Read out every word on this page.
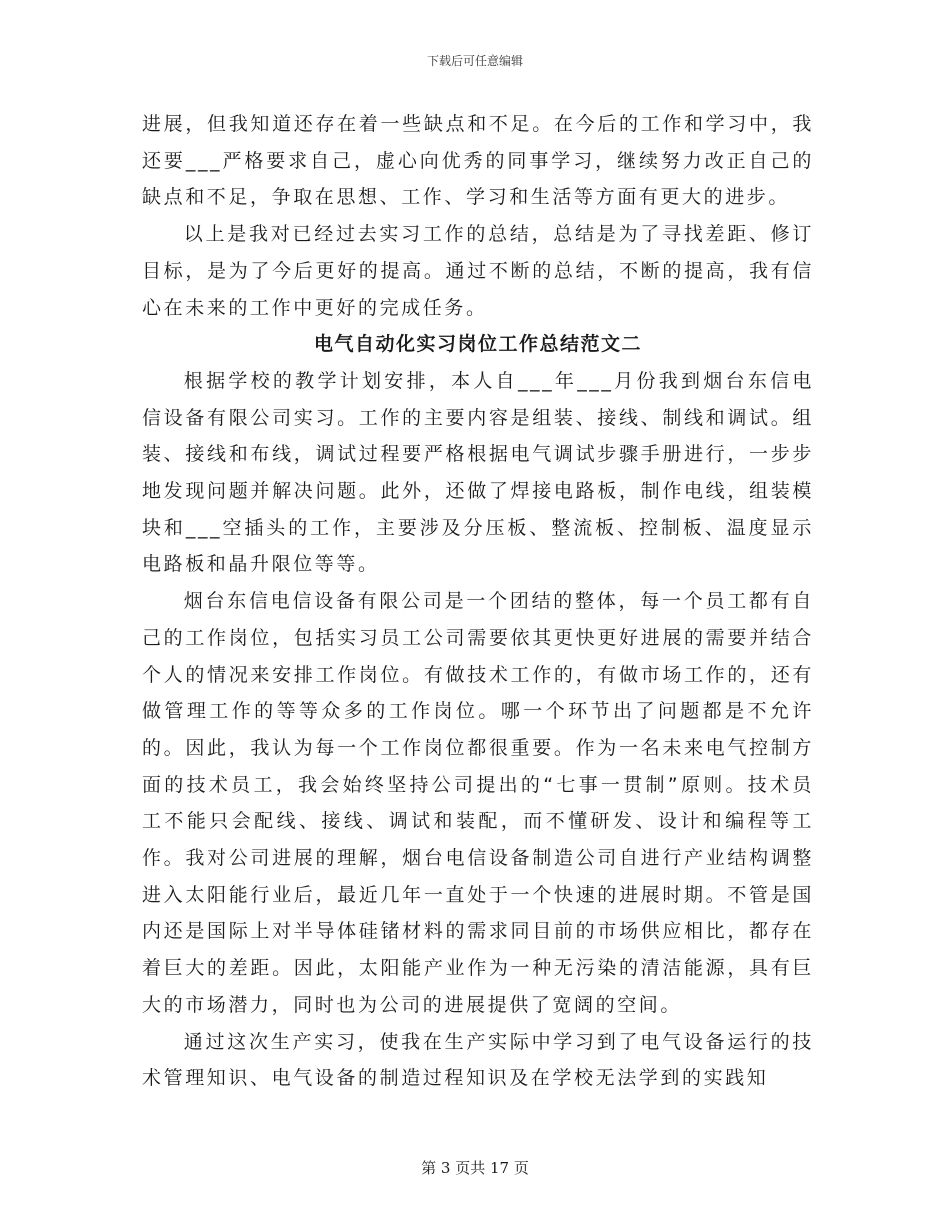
下载后可任意编辑

进展，但我知道还存在着一些缺点和不足。在今后的工作和学习中，我还要___严格要求自己，虚心向优秀的同事学习，继续努力改正自己的缺点和不足，争取在思想、工作、学习和生活等方面有更大的进步。

以上是我对已经过去实习工作的总结，总结是为了寻找差距、修订目标，是为了今后更好的提高。通过不断的总结，不断的提高，我有信心在未来的工作中更好的完成任务。

电气自动化实习岗位工作总结范文二

根据学校的教学计划安排，本人自___年___月份我到烟台东信电信设备有限公司实习。工作的主要内容是组装、接线、制线和调试。组装、接线和布线，调试过程要严格根据电气调试步骤手册进行，一步步地发现问题并解决问题。此外，还做了焊接电路板，制作电线，组装模块和___空插头的工作，主要涉及分压板、整流板、控制板、温度显示电路板和晶升限位等等。

烟台东信电信设备有限公司是一个团结的整体，每一个员工都有自己的工作岗位，包括实习员工公司需要依其更快更好进展的需要并结合个人的情况来安排工作岗位。有做技术工作的，有做市场工作的，还有做管理工作的等等众多的工作岗位。哪一个环节出了问题都是不允许的。因此，我认为每一个工作岗位都很重要。作为一名未来电气控制方面的技术员工，我会始终坚持公司提出的“七事一贯制”原则。技术员工不能只会配线、接线、调试和装配，而不懂研发、设计和编程等工作。我对公司进展的理解，烟台电信设备制造公司自进行产业结构调整进入太阳能行业后，最近几年一直处于一个快速的进展时期。不管是国内还是国际上对半导体硅锗材料的需求同目前的市场供应相比，都存在着巨大的差距。因此，太阳能产业作为一种无污染的清洁能源，具有巨大的市场潜力，同时也为公司的进展提供了宽阔的空间。

通过这次生产实习，使我在生产实际中学习到了电气设备运行的技术管理知识、电气设备的制造过程知识及在学校无法学到的实践知

第 3 页共 17 页
